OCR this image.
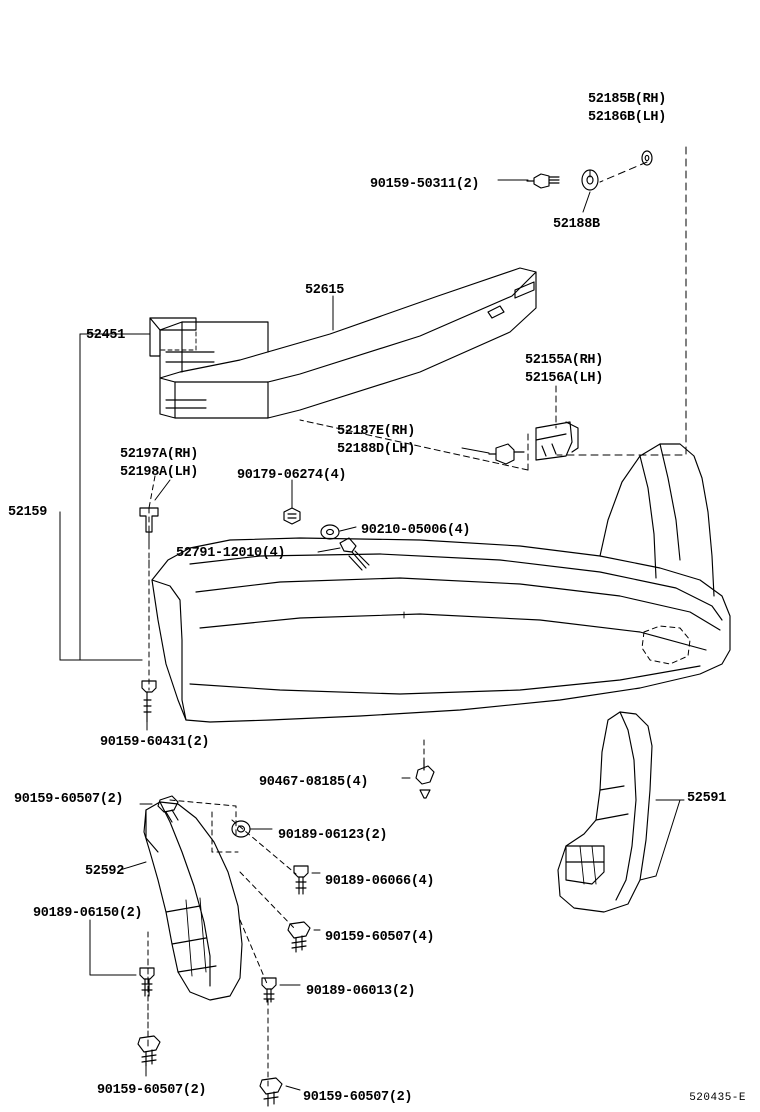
52185B(RH)
52186B(LH)
90159-50311(2)
52188B
52615
52451
52155A(RH)
52156A(LH)
52187E(RH)
52188D(LH)
52197A(RH)
52198A(LH)	90179-06274(4)
52159
90210-05006(4)
52791-12010(4)
90159-60431(2)
90467-08185(4)
90159-60507(2)	52591
90189-06123(2)
52592
90189-06066(4)
90189-06150(2)
90159-60507(4)
90189-06013(2)
90159-60507(2)	90159-60507(2)	520435-E
